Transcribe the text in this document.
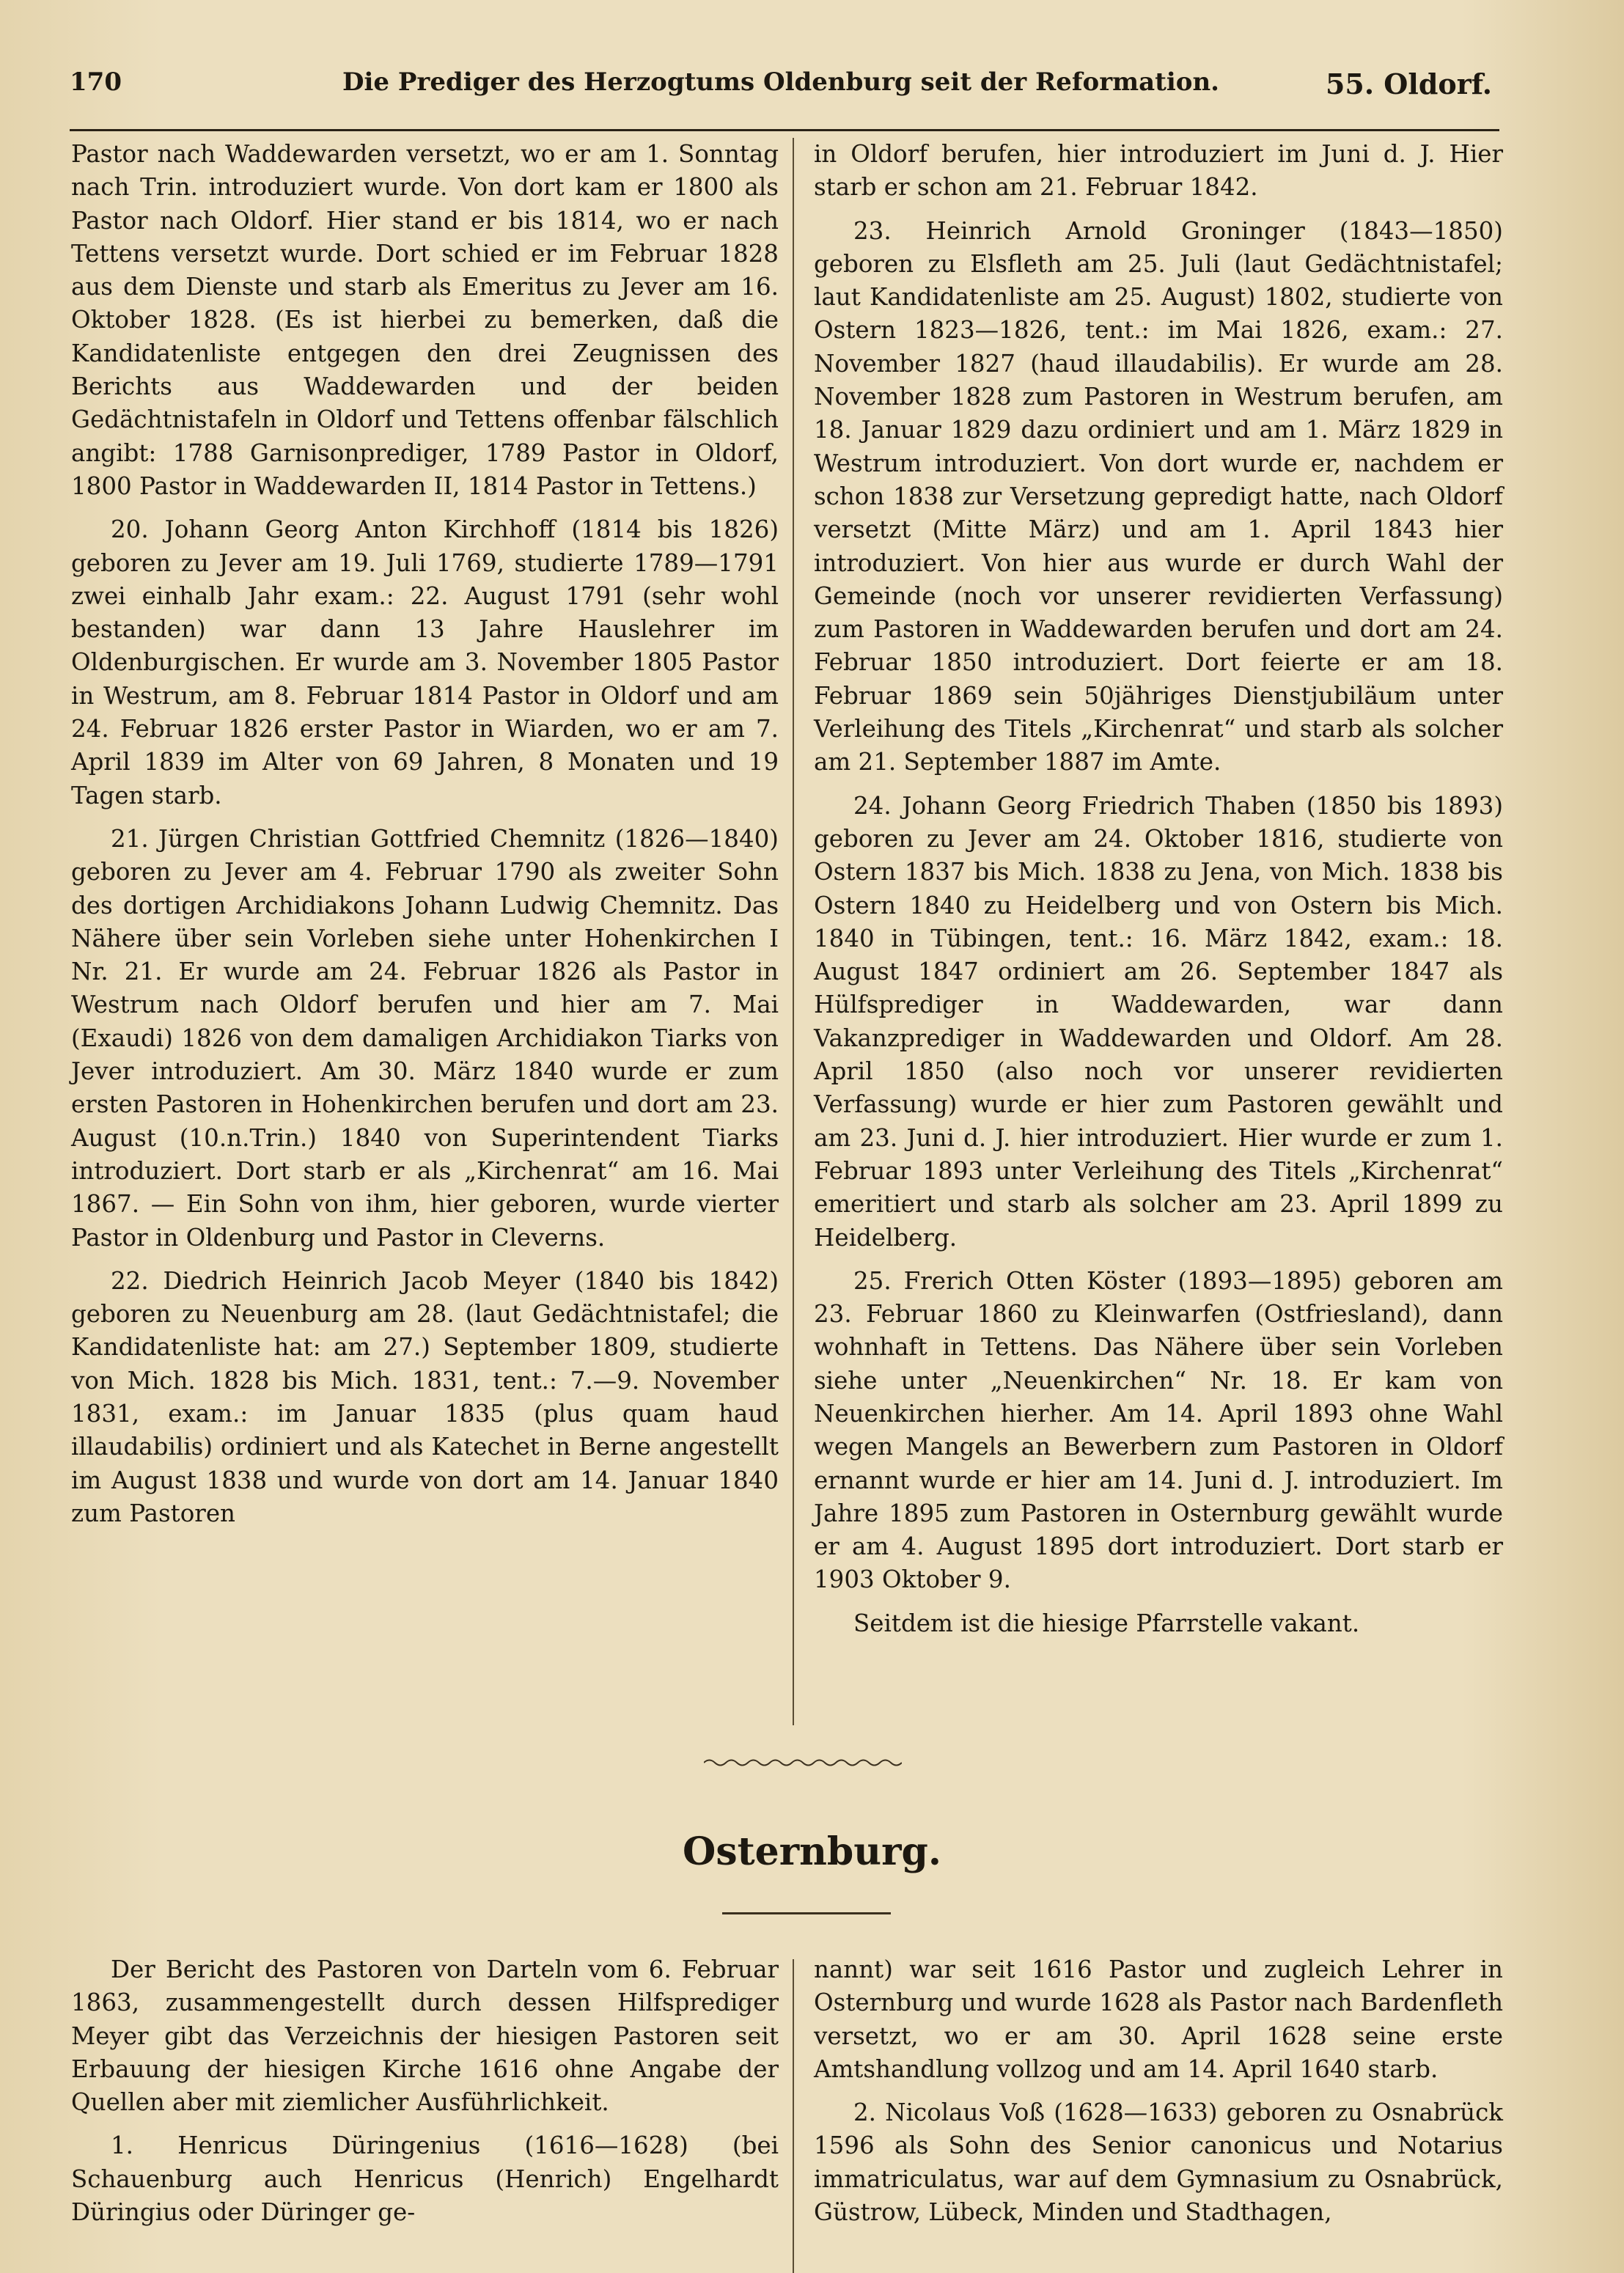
170	Die Prediger des Herzogtums Oldenburg seit der Reformation.	55. Oldorf.

Pastor nach Waddewarden versetzt, wo er am 1. Sonntag nach Trin. introduziert wurde. Von dort kam er 1800 als Pastor nach Oldorf. Hier stand er bis 1814, wo er nach Tettens versetzt wurde. Dort schied er im Februar 1828 aus dem Dienste und starb als Emeritus zu Jever am 16. Oktober 1828. (Es ist hierbei zu bemerken, daß die Kandidatenliste entgegen den drei Zeugnissen des Berichts aus Waddewarden und der beiden Gedächtnistafeln in Oldorf und Tettens offenbar fälschlich angibt: 1788 Garnisonprediger, 1789 Pastor in Oldorf, 1800 Pastor in Waddewarden II, 1814 Pastor in Tettens.)

20. Johann Georg Anton Kirchhoff (1814 bis 1826) geboren zu Jever am 19. Juli 1769, studierte 1789—1791 zwei einhalb Jahr exam.: 22. August 1791 (sehr wohl bestanden) war dann 13 Jahre Hauslehrer im Oldenburgischen. Er wurde am 3. November 1805 Pastor in Westrum, am 8. Februar 1814 Pastor in Oldorf und am 24. Februar 1826 erster Pastor in Wiarden, wo er am 7. April 1839 im Alter von 69 Jahren, 8 Monaten und 19 Tagen starb.

21. Jürgen Christian Gottfried Chemnitz (1826—1840) geboren zu Jever am 4. Februar 1790 als zweiter Sohn des dortigen Archidiakons Johann Ludwig Chemnitz. Das Nähere über sein Vorleben siehe unter Hohenkirchen I Nr. 21. Er wurde am 24. Februar 1826 als Pastor in Westrum nach Oldorf berufen und hier am 7. Mai (Exaudi) 1826 von dem damaligen Archidiakon Tiarks von Jever introduziert. Am 30. März 1840 wurde er zum ersten Pastoren in Hohenkirchen berufen und dort am 23. August (10.n.Trin.) 1840 von Superintendent Tiarks introduziert. Dort starb er als „Kirchenrat“ am 16. Mai 1867. — Ein Sohn von ihm, hier geboren, wurde vierter Pastor in Oldenburg und Pastor in Cleverns.

22. Diedrich Heinrich Jacob Meyer (1840 bis 1842) geboren zu Neuenburg am 28. (laut Gedächtnistafel; die Kandidatenliste hat: am 27.) September 1809, studierte von Mich. 1828 bis Mich. 1831, tent.: 7.—9. November 1831, exam.: im Januar 1835 (plus quam haud illaudabilis) ordiniert und als Katechet in Berne angestellt im August 1838 und wurde von dort am 14. Januar 1840 zum Pastoren

in Oldorf berufen, hier introduziert im Juni d. J. Hier starb er schon am 21. Februar 1842.

23. Heinrich Arnold Groninger (1843—1850) geboren zu Elsfleth am 25. Juli (laut Gedächtnistafel; laut Kandidatenliste am 25. August) 1802, studierte von Ostern 1823—1826, tent.: im Mai 1826, exam.: 27. November 1827 (haud illaudabilis). Er wurde am 28. November 1828 zum Pastoren in Westrum berufen, am 18. Januar 1829 dazu ordiniert und am 1. März 1829 in Westrum introduziert. Von dort wurde er, nachdem er schon 1838 zur Versetzung gepredigt hatte, nach Oldorf versetzt (Mitte März) und am 1. April 1843 hier introduziert. Von hier aus wurde er durch Wahl der Gemeinde (noch vor unserer revidierten Verfassung) zum Pastoren in Waddewarden berufen und dort am 24. Februar 1850 introduziert. Dort feierte er am 18. Februar 1869 sein 50jähriges Dienstjubiläum unter Verleihung des Titels „Kirchenrat“ und starb als solcher am 21. September 1887 im Amte.

24. Johann Georg Friedrich Thaben (1850 bis 1893) geboren zu Jever am 24. Oktober 1816, studierte von Ostern 1837 bis Mich. 1838 zu Jena, von Mich. 1838 bis Ostern 1840 zu Heidelberg und von Ostern bis Mich. 1840 in Tübingen, tent.: 16. März 1842, exam.: 18. August 1847 ordiniert am 26. September 1847 als Hülfsprediger in Waddewarden, war dann Vakanzprediger in Waddewarden und Oldorf. Am 28. April 1850 (also noch vor unserer revidierten Verfassung) wurde er hier zum Pastoren gewählt und am 23. Juni d. J. hier introduziert. Hier wurde er zum 1. Februar 1893 unter Verleihung des Titels „Kirchenrat“ emeritiert und starb als solcher am 23. April 1899 zu Heidelberg.

25. Frerich Otten Köster (1893—1895) geboren am 23. Februar 1860 zu Kleinwarfen (Ostfriesland), dann wohnhaft in Tettens. Das Nähere über sein Vorleben siehe unter „Neuenkirchen“ Nr. 18. Er kam von Neuenkirchen hierher. Am 14. April 1893 ohne Wahl wegen Mangels an Bewerbern zum Pastoren in Oldorf ernannt wurde er hier am 14. Juni d. J. introduziert. Im Jahre 1895 zum Pastoren in Osternburg gewählt wurde er am 4. August 1895 dort introduziert. Dort starb er 1903 Oktober 9.

Seitdem ist die hiesige Pfarrstelle vakant.

Osternburg.

Der Bericht des Pastoren von Darteln vom 6. Februar 1863, zusammengestellt durch dessen Hilfsprediger Meyer gibt das Verzeichnis der hiesigen Pastoren seit Erbauung der hiesigen Kirche 1616 ohne Angabe der Quellen aber mit ziemlicher Ausführlichkeit.

1. Henricus Düringenius (1616—1628) (bei Schauenburg auch Henricus (Henrich) Engelhardt Düringius oder Düringer ge-

nannt) war seit 1616 Pastor und zugleich Lehrer in Osternburg und wurde 1628 als Pastor nach Bardenfleth versetzt, wo er am 30. April 1628 seine erste Amtshandlung vollzog und am 14. April 1640 starb.

2. Nicolaus Voß (1628—1633) geboren zu Osnabrück 1596 als Sohn des Senior canonicus und Notarius immatriculatus, war auf dem Gymnasium zu Osnabrück, Güstrow, Lübeck, Minden und Stadthagen,
